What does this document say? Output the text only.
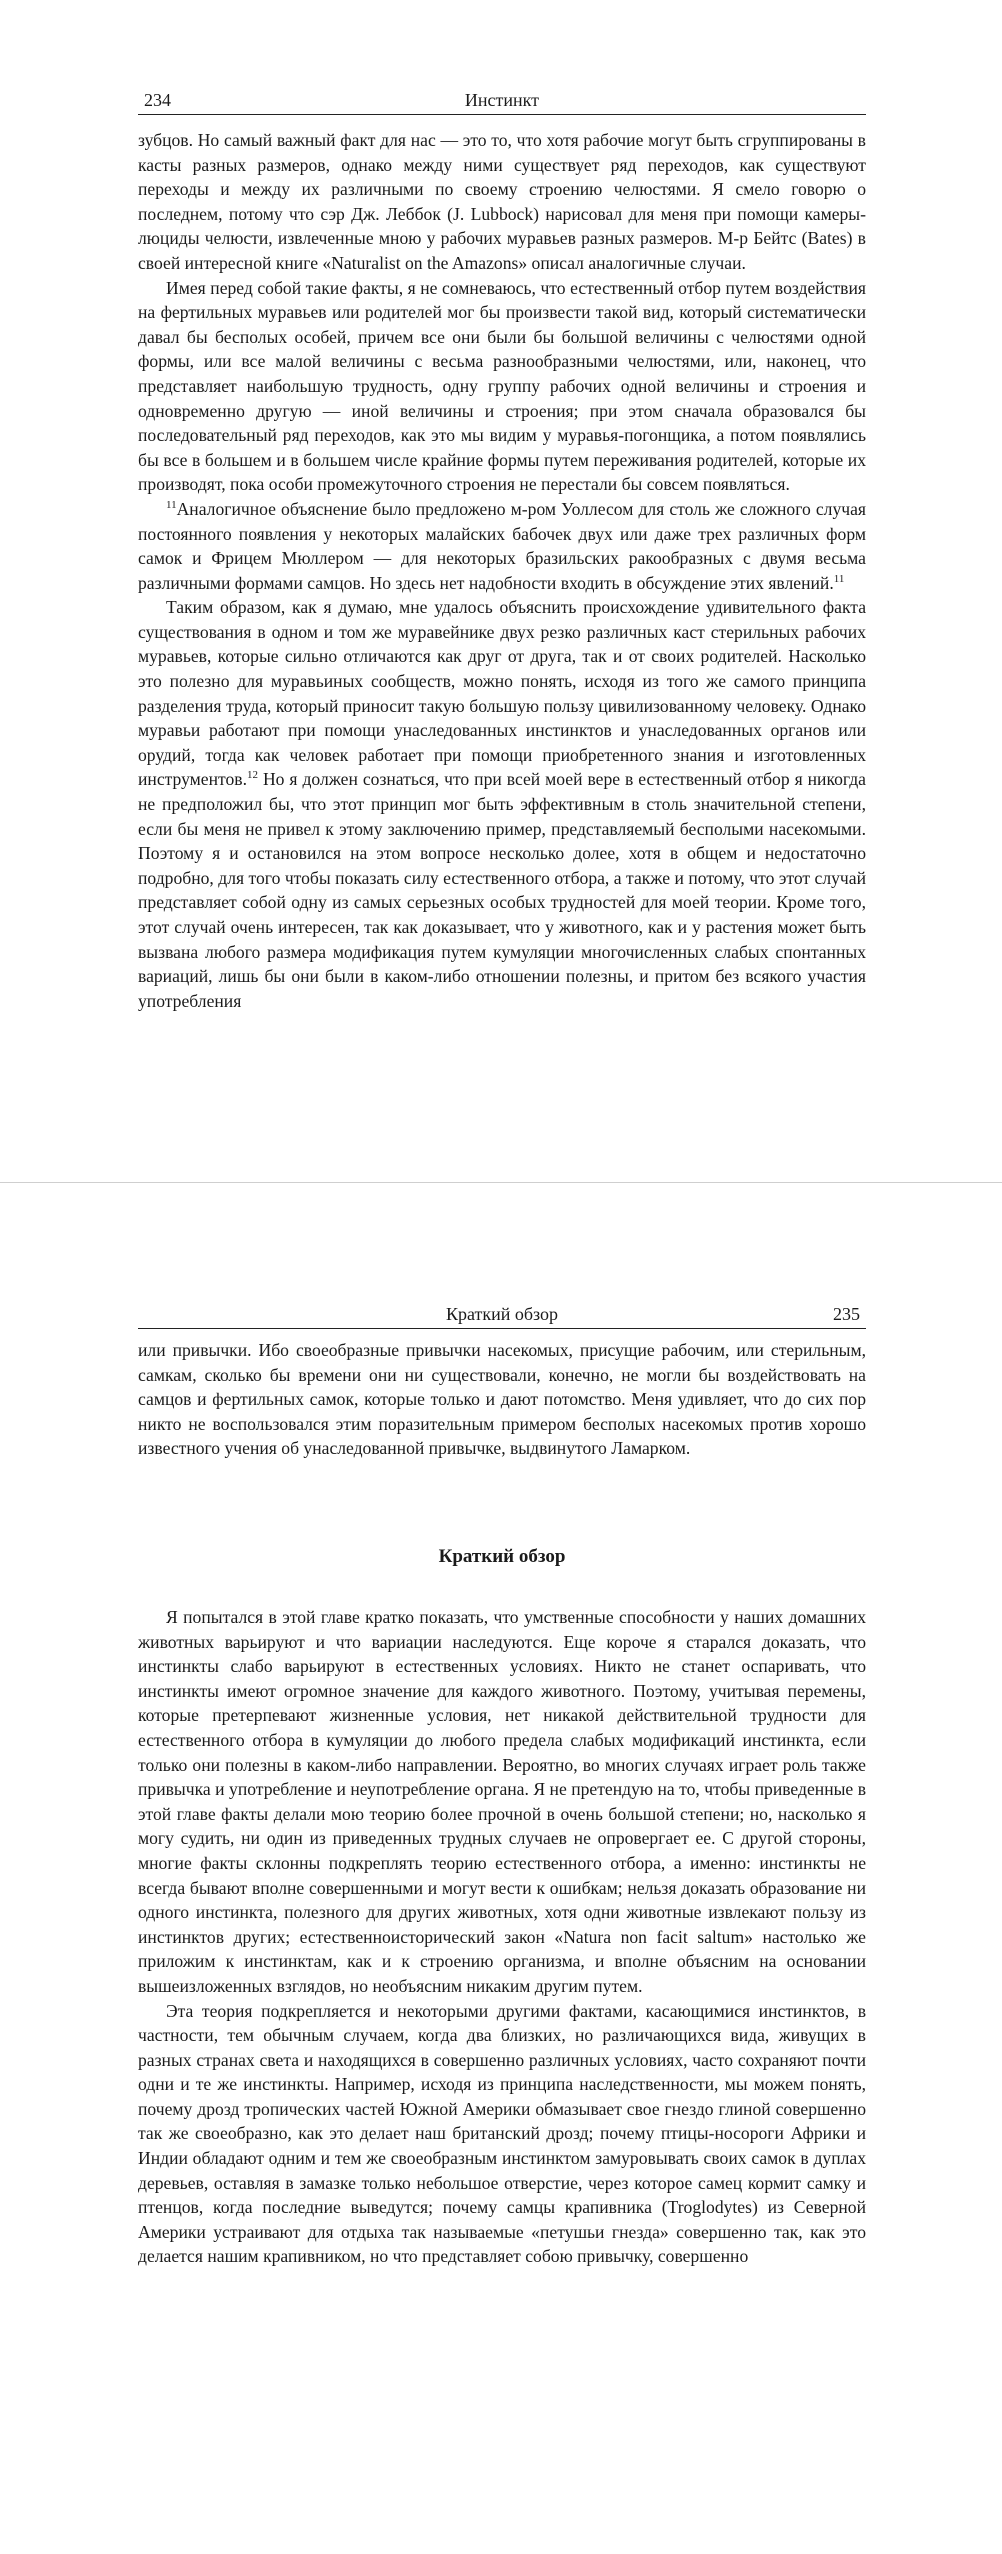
Инстинкт
234

зубцов. Но самый важный факт для нас — это то, что хотя рабочие могут быть сгруппированы в касты разных размеров, однако между ними существует ряд переходов, как существуют переходы и между их различными по своему строению челюстями. Я смело говорю о последнем, потому что сэр Дж. Леббок (J. Lubbock) нарисовал для меня при помощи камеры-люциды челюсти, извлеченные мною у рабочих муравьев разных размеров. М-р Бейтс (Bates) в своей интересной книге «Naturalist on the Amazons» описал аналогичные случаи.

Имея перед собой такие факты, я не сомневаюсь, что естественный отбор путем воздействия на фертильных муравьев или родителей мог бы произвести такой вид, который систематически давал бы бесполых особей, причем все они были бы большой величины с челюстями одной формы, или все малой величины с весьма разнообразными челюстями, или, наконец, что представляет наибольшую трудность, одну группу рабочих одной величины и строения и одновременно другую — иной величины и строения; при этом сначала образовался бы последовательный ряд переходов, как это мы видим у муравья-погонщика, а потом появлялись бы все в большем и в большем числе крайние формы путем переживания родителей, которые их производят, пока особи промежуточного строения не перестали бы совсем появляться.

$^{11}$Аналогичное объяснение было предложено м-ром Уоллесом для столь же сложного случая постоянного появления у некоторых малайских бабочек двух или даже трех различных форм самок и Фрицем Мюллером — для некоторых бразильских ракообразных с двумя весьма различными формами самцов. Но здесь нет надобности входить в обсуждение этих явлений.$^{11}$

Таким образом, как я думаю, мне удалось объяснить происхождение удивительного факта существования в одном и том же муравейнике двух резко различных каст стерильных рабочих муравьев, которые сильно отличаются как друг от друга, так и от своих родителей. Насколько это полезно для муравьиных сообществ, можно понять, исходя из того же самого принципа разделения труда, который приносит такую большую пользу цивилизованному человеку. Однако муравьи работают при помощи унаследованных инстинктов и унаследованных органов или орудий, тогда как человек работает при помощи приобретенного знания и изготовленных инструментов.$^{12}$ Но я должен сознаться, что при всей моей вере в естественный отбор я никогда не предположил бы, что этот принцип мог быть эффективным в столь значительной степени, если бы меня не привел к этому заключению пример, представляемый бесполыми насекомыми. Поэтому я и остановился на этом вопросе несколько долее, хотя в общем и недостаточно подробно, для того чтобы показать силу естественного отбора, а также и потому, что этот случай представляет собой одну из самых серьезных особых трудностей для моей теории. Кроме того, этот случай очень интересен, так как доказывает, что у животного, как и у растения может быть вызвана любого размера модификация путем кумуляции многочисленных слабых спонтанных вариаций, лишь бы они были в каком-либо отношении полезны, и притом без всякого участия употребления

Краткий обзор	235

или привычки. Ибо своеобразные привычки насекомых, присущие рабочим, или стерильным, самкам, сколько бы времени они ни существовали, конечно, не могли бы воздействовать на самцов и фертильных самок, которые только и дают потомство. Меня удивляет, что до сих пор никто не воспользовался этим поразительным примером бесполых насекомых против хорошо известного учения об унаследованной привычке, выдвинутого Ламарком.

Краткий обзор

Я попытался в этой главе кратко показать, что умственные способности у наших домашних животных варьируют и что вариации наследуются. Еще короче я старался доказать, что инстинкты слабо варьируют в естественных условиях. Никто не станет оспаривать, что инстинкты имеют огромное значение для каждого животного. Поэтому, учитывая перемены, которые претерпевают жизненные условия, нет никакой действительной трудности для естественного отбора в кумуляции до любого предела слабых модификаций инстинкта, если только они полезны в каком-либо направлении. Вероятно, во многих случаях играет роль также привычка и употребление и неупотребление органа. Я не претендую на то, чтобы приведенные в этой главе факты делали мою теорию более прочной в очень большой степени; но, насколько я могу судить, ни один из приведенных трудных случаев не опровергает ее. С другой стороны, многие факты склонны подкреплять теорию естественного отбора, а именно: инстинкты не всегда бывают вполне совершенными и могут вести к ошибкам; нельзя доказать образование ни одного инстинкта, полезного для других животных, хотя одни животные извлекают пользу из инстинктов других; естественноисторический закон «Natura non facit saltum» настолько же приложим к инстинктам, как и к строению организма, и вполне объясним на основании вышеизложенных взглядов, но необъясним никаким другим путем.

Эта теория подкрепляется и некоторыми другими фактами, касающимися инстинктов, в частности, тем обычным случаем, когда два близких, но различающихся вида, живущих в разных странах света и находящихся в совершенно различных условиях, часто сохраняют почти одни и те же инстинкты. Например, исходя из принципа наследственности, мы можем понять, почему дрозд тропических частей Южной Америки обмазывает свое гнездо глиной совершенно так же своеобразно, как это делает наш британский дрозд; почему птицы-носороги Африки и Индии обладают одним и тем же своеобразным инстинктом замуровывать своих самок в дуплах деревьев, оставляя в замазке только небольшое отверстие, через которое самец кормит самку и птенцов, когда последние выведутся; почему самцы крапивника (Troglodytes) из Северной Америки устраивают для отдыха так называемые «петушьи гнезда» совершенно так, как это делается нашим крапивником, но что представляет собою привычку, совершенно
